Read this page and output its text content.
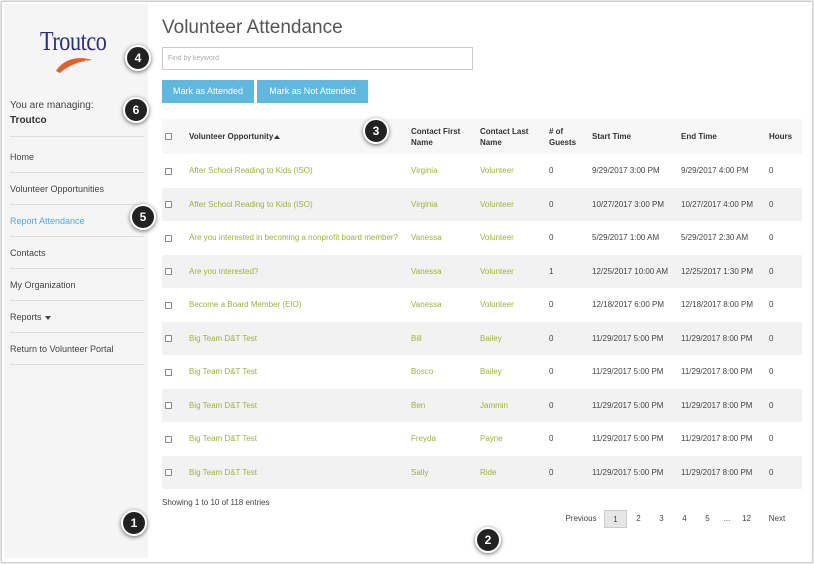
Troutco
You are managing:
Troutco
Home
Volunteer Opportunities
Report Attendance
Contacts
My Organization
Reports
Return to Volunteer Portal
Volunteer Attendance
Find by keyword
Mark as Attended	Mark as Not Attended
	Volunteer Opportunity	Contact First Name	Contact Last Name	# of Guests	Start Time	End Time	Hours
	After School Reading to Kids (ISO)	Virginia	Volunteer	0	9/29/2017 3:00 PM	9/29/2017 4:00 PM	0
	After School Reading to Kids (ISO)	Virginia	Volunteer	0	10/27/2017 3:00 PM	10/27/2017 4:00 PM	0
	Are you interested in becoming a nonprofit board member?	Vanessa	Volunteer	0	5/29/2017 1:00 AM	5/29/2017 2:30 AM	0
	Are you interested?	Vanessa	Volunteer	1	12/25/2017 10:00 AM	12/25/2017 1:30 PM	0
	Become a Board Member (EIO)	Vanessa	Volunteer	0	12/18/2017 6:00 PM	12/18/2017 8:00 PM	0
	Big Team D&T Test	Bill	Bailey	0	11/29/2017 5:00 PM	11/29/2017 8:00 PM	0
	Big Team D&T Test	Bosco	Bailey	0	11/29/2017 5:00 PM	11/29/2017 8:00 PM	0
	Big Team D&T Test	Ben	Jammin	0	11/29/2017 5:00 PM	11/29/2017 8:00 PM	0
	Big Team D&T Test	Freyda	Payne	0	11/29/2017 5:00 PM	11/29/2017 8:00 PM	0
	Big Team D&T Test	Sally	Ride	0	11/29/2017 5:00 PM	11/29/2017 8:00 PM	0
Showing 1 to 10 of 118 entries
Previous	1	2	3	4	5	...	12	Next
1
2
3
4
5
6
